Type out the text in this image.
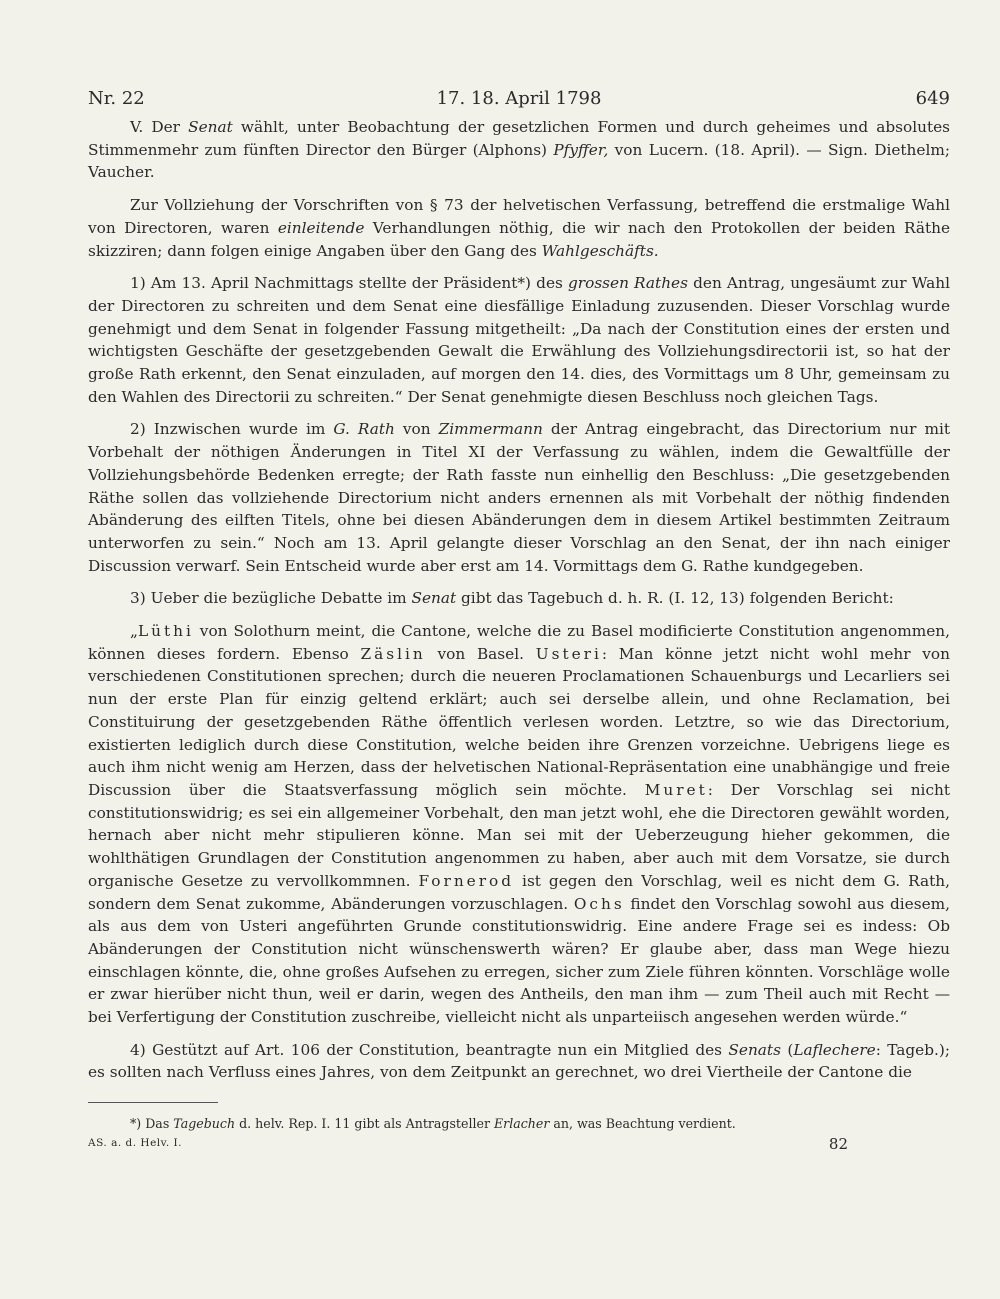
Nr. 22	17. 18. April 1798	649

V. Der Senat wählt, unter Beobachtung der gesetzlichen Formen und durch geheimes und absolutes Stimmenmehr zum fünften Director den Bürger (Alphons) Pfyffer, von Lucern. (18. April). — Sign. Diethelm; Vaucher.

Zur Vollziehung der Vorschriften von § 73 der helvetischen Verfassung, betreffend die erstmalige Wahl von Directoren, waren einleitende Verhandlungen nöthig, die wir nach den Protokollen der beiden Räthe skizziren; dann folgen einige Angaben über den Gang des Wahlgeschäfts.

1) Am 13. April Nachmittags stellte der Präsident*) des grossen Rathes den Antrag, ungesäumt zur Wahl der Directoren zu schreiten und dem Senat eine diesfällige Einladung zuzusenden. Dieser Vorschlag wurde genehmigt und dem Senat in folgender Fassung mitgetheilt: „Da nach der Constitution eines der ersten und wichtigsten Geschäfte der gesetzgebenden Gewalt die Erwählung des Vollziehungsdirectorii ist, so hat der große Rath erkennt, den Senat einzuladen, auf morgen den 14. dies, des Vormittags um 8 Uhr, gemeinsam zu den Wahlen des Directorii zu schreiten.“ Der Senat genehmigte diesen Beschluss noch gleichen Tags.

2) Inzwischen wurde im G. Rath von Zimmermann der Antrag eingebracht, das Directorium nur mit Vorbehalt der nöthigen Änderungen in Titel XI der Verfassung zu wählen, indem die Gewaltfülle der Vollziehungsbehörde Bedenken erregte; der Rath fasste nun einhellig den Beschluss: „Die gesetzgebenden Räthe sollen das vollziehende Directorium nicht anders ernennen als mit Vorbehalt der nöthig findenden Abänderung des eilften Titels, ohne bei diesen Abänderungen dem in diesem Artikel bestimmten Zeitraum unterworfen zu sein.“ Noch am 13. April gelangte dieser Vorschlag an den Senat, der ihn nach einiger Discussion verwarf. Sein Entscheid wurde aber erst am 14. Vormittags dem G. Rathe kundgegeben.

3) Ueber die bezügliche Debatte im Senat gibt das Tagebuch d. h. R. (I. 12, 13) folgenden Bericht:

„Lüthi von Solothurn meint, die Cantone, welche die zu Basel modificierte Constitution angenommen, können dieses fordern. Ebenso Zäslin von Basel. Usteri: Man könne jetzt nicht wohl mehr von verschiedenen Constitutionen sprechen; durch die neueren Proclamationen Schauenburgs und Lecarliers sei nun der erste Plan für einzig geltend erklärt; auch sei derselbe allein, und ohne Reclamation, bei Constituirung der gesetzgebenden Räthe öffentlich verlesen worden. Letztre, so wie das Directorium, existierten lediglich durch diese Constitution, welche beiden ihre Grenzen vorzeichne. Uebrigens liege es auch ihm nicht wenig am Herzen, dass der helvetischen National-Repräsentation eine unabhängige und freie Discussion über die Staatsverfassung möglich sein möchte. Muret: Der Vorschlag sei nicht constitutionswidrig; es sei ein allgemeiner Vorbehalt, den man jetzt wohl, ehe die Directoren gewählt worden, hernach aber nicht mehr stipulieren könne. Man sei mit der Ueberzeugung hieher gekommen, die wohlthätigen Grundlagen der Constitution angenommen zu haben, aber auch mit dem Vorsatze, sie durch organische Gesetze zu vervollkommnen. Fornerod ist gegen den Vorschlag, weil es nicht dem G. Rath, sondern dem Senat zukomme, Abänderungen vorzuschlagen. Ochs findet den Vorschlag sowohl aus diesem, als aus dem von Usteri angeführten Grunde constitutionswidrig. Eine andere Frage sei es indess: Ob Abänderungen der Constitution nicht wünschenswerth wären? Er glaube aber, dass man Wege hiezu einschlagen könnte, die, ohne großes Aufsehen zu erregen, sicher zum Ziele führen könnten. Vorschläge wolle er zwar hierüber nicht thun, weil er darin, wegen des Antheils, den man ihm — zum Theil auch mit Recht — bei Verfertigung der Constitution zuschreibe, vielleicht nicht als unparteiisch angesehen werden würde.“

4) Gestützt auf Art. 106 der Constitution, beantragte nun ein Mitglied des Senats (Laflechere: Tageb.); es sollten nach Verfluss eines Jahres, von dem Zeitpunkt an gerechnet, wo drei Viertheile der Cantone die

*) Das Tagebuch d. helv. Rep. I. 11 gibt als Antragsteller Erlacher an, was Beachtung verdient.

AS. a. d. Helv. I.	82
